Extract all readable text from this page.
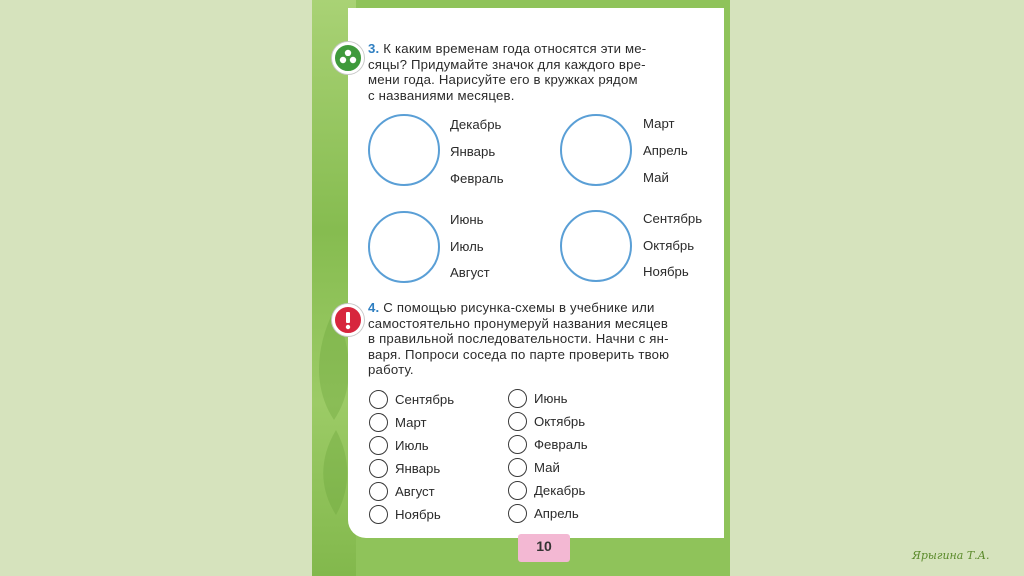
3. К каким временам года относятся эти ме-
сяцы? Придумайте значок для каждого вре-
мени года. Нарисуйте его в кружках рядом
с названиями месяцев.
Декабрь
Январь
Февраль
Март
Апрель
Май
Июнь
Июль
Август
Сентябрь
Октябрь
Ноябрь
4. С помощью рисунка-схемы в учебнике или
самостоятельно пронумеруй названия месяцев
в правильной последовательности. Начни с ян-
варя. Попроси соседа по парте проверить твою
работу.
Сентябрь
Март
Июль
Январь
Август
Ноябрь
Июнь
Октябрь
Февраль
Май
Декабрь
Апрель
10
Ярыгина Т.А.
